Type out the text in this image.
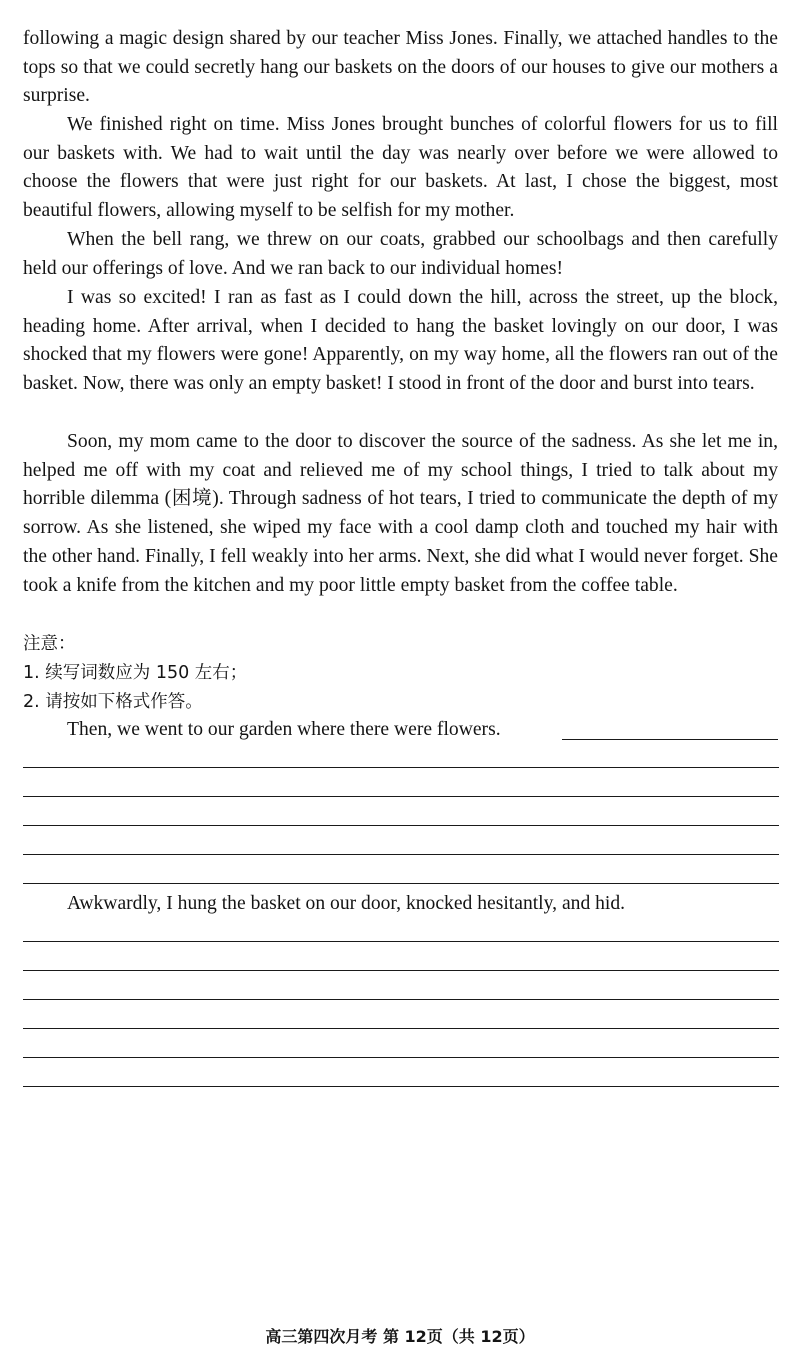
following a magic design shared by our teacher Miss Jones. Finally, we attached handles to the tops so that we could secretly hang our baskets on the doors of our houses to give our mothers a surprise.

We finished right on time. Miss Jones brought bunches of colorful flowers for us to fill our baskets with. We had to wait until the day was nearly over before we were allowed to choose the flowers that were just right for our baskets. At last, I chose the biggest, most beautiful flowers, allowing myself to be selfish for my mother.

When the bell rang, we threw on our coats, grabbed our schoolbags and then carefully held our offerings of love. And we ran back to our individual homes!

I was so excited! I ran as fast as I could down the hill, across the street, up the block, heading home. After arrival, when I decided to hang the basket lovingly on our door, I was shocked that my flowers were gone! Apparently, on my way home, all the flowers ran out of the basket. Now, there was only an empty basket! I stood in front of the door and burst into tears.

Soon, my mom came to the door to discover the source of the sadness. As she let me in, helped me off with my coat and relieved me of my school things, I tried to talk about my horrible dilemma (困境). Through sadness of hot tears, I tried to communicate the depth of my sorrow. As she listened, she wiped my face with a cool damp cloth and touched my hair with the other hand. Finally, I fell weakly into her arms. Next, she did what I would never forget. She took a knife from the kitchen and my poor little empty basket from the coffee table.

注意：

1. 续写词数应为 150 左右；

2. 请按如下格式作答。

Then, we went to our garden where there were flowers.
Awkwardly, I hung the basket on our door, knocked hesitantly, and hid.
高三第四次月考 第 12页（共 12页）
